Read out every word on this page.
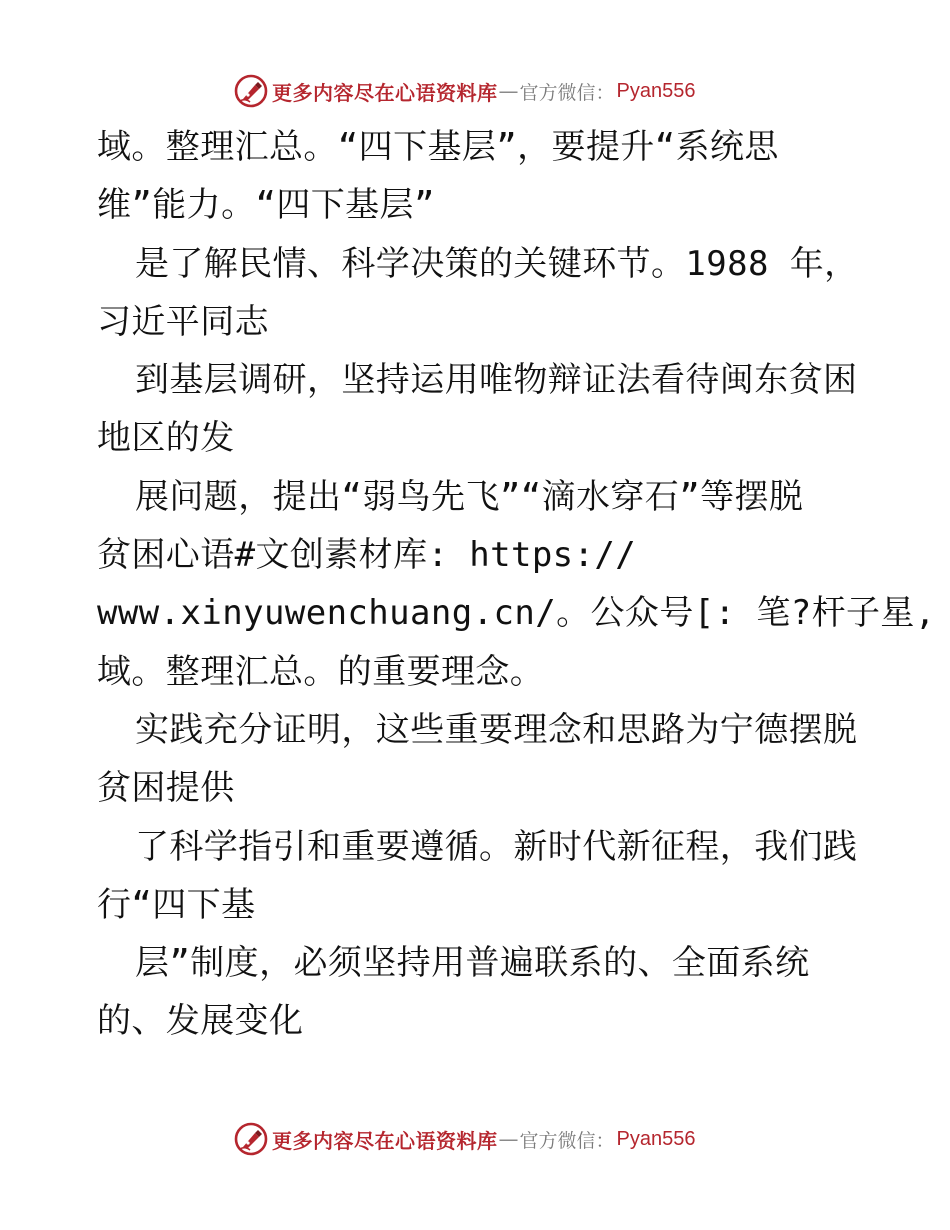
更多内容尽在心语资料库 — 官方微信： Pyan556
域。整理汇总。“四下基层”，要提升“系统思
维”能力。“四下基层”
是了解民情、科学决策的关键环节。1988 年，
习近平同志
到基层调研，坚持运用唯物辩证法看待闽东贫困
地区的发
展问题，提出“弱鸟先飞”“滴水穿石”等摆脱
贫困心语#文创素材库: https://
www.xinyuwenchuang.cn/。公众号[: 笔?杆子星,
域。整理汇总。的重要理念。
实践充分证明，这些重要理念和思路为宁德摆脱
贫困提供
了科学指引和重要遵循。新时代新征程，我们践
行“四下基
层”制度，必须坚持用普遍联系的、全面系统
的、发展变化
更多内容尽在心语资料库 — 官方微信： Pyan556
